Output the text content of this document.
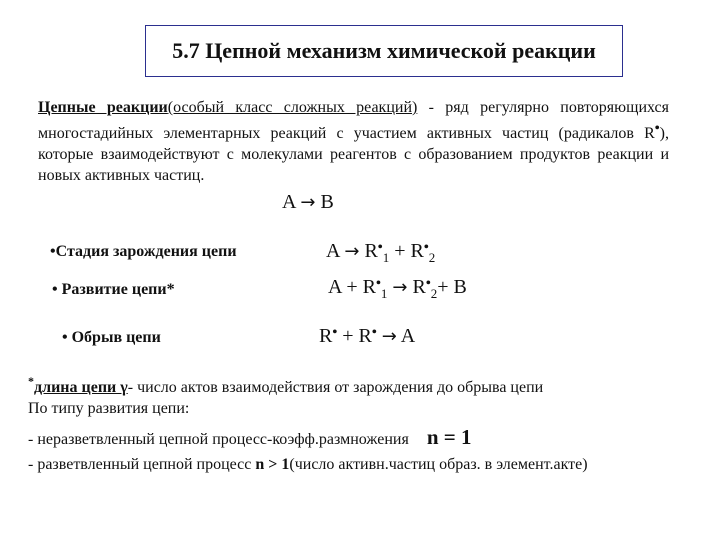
5.7 Цепной механизм химической реакции
Цепные реакции(особый класс сложных реакций) - ряд регулярно повторяющихся многостадийных элементарных реакций с участием активных частиц (радикалов R•), которые взаимодействуют с молекулами реагентов с образованием продуктов реакции и новых активных частиц.
A → B
•Стадия зарождения цепи	$A \to R^•_1 + R^•_2$
• Развитие цепи*	$A + R^•_1 \to R^•_2+ B$
• Обрыв цепи	R• + R• → A
*длина цепи γ- число актов взаимодействия от зарождения до обрыва цепи
По типу развития цепи:
- неразветвленный цепной процесс-коэфф.размножения n = 1
- разветвленный цепной процесс n > 1(число активн.частиц образ. в элемент.акте)
